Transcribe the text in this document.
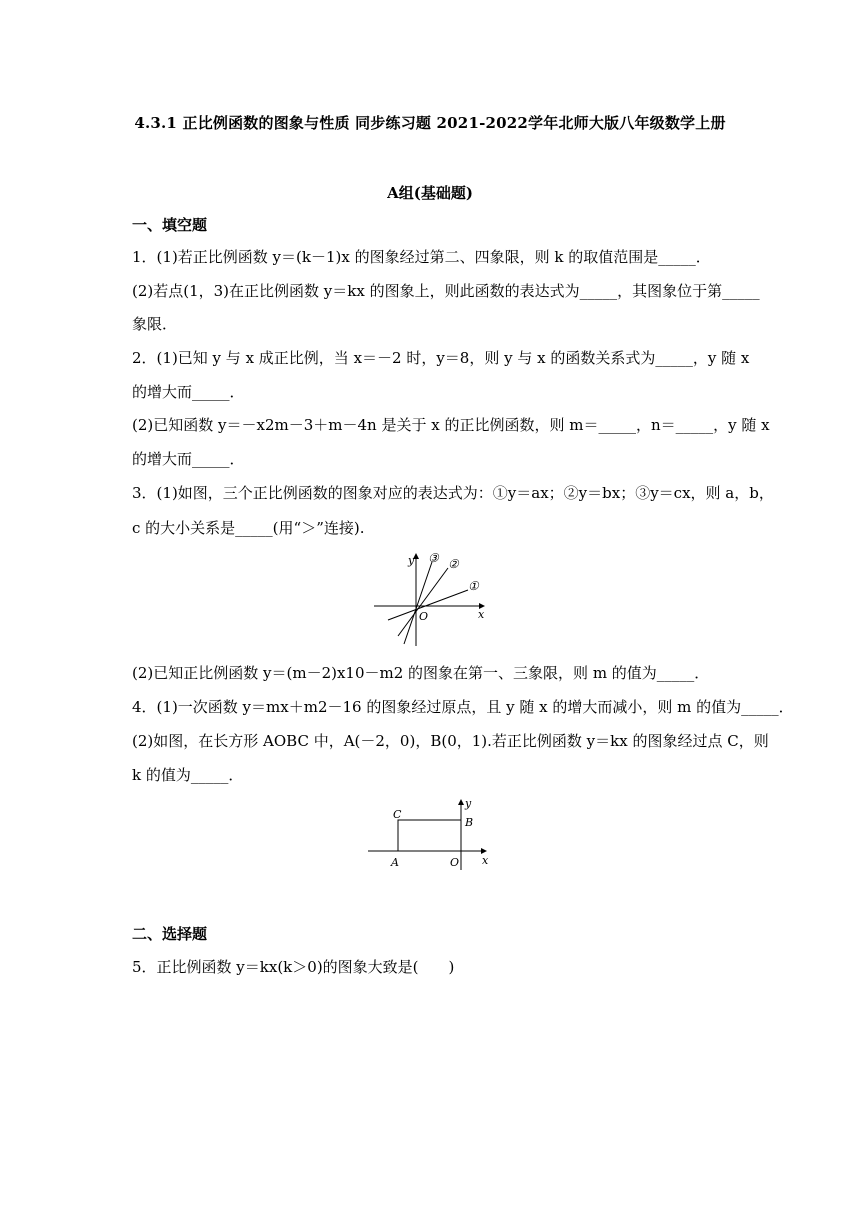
4.3.1 正比例函数的图象与性质 同步练习题 2021-2022学年北师大版八年级数学上册
A组(基础题)
一、填空题
1．(1)若正比例函数 y＝(k－1)x 的图象经过第二、四象限，则 k 的取值范围是_____．
(2)若点(1，3)在正比例函数 y＝kx 的图象上，则此函数的表达式为_____，其图象位于第_____
象限．
2．(1)已知 y 与 x 成正比例，当 x＝－2 时，y＝8，则 y 与 x 的函数关系式为_____，y 随 x
的增大而_____．
(2)已知函数 y＝－x2m－3＋m－4n 是关于 x 的正比例函数，则 m＝_____，n＝_____，y 随 x
的增大而_____．
3．(1)如图，三个正比例函数的图象对应的表达式为：①y＝ax；②y＝bx；③y＝cx，则 a，b，
c 的大小关系是_____(用“＞”连接).
y
x
O
①
②
③
(2)已知正比例函数 y＝(m－2)x10－m2 的图象在第一、三象限，则 m 的值为_____．
4．(1)一次函数 y＝mx＋m2－16 的图象经过原点，且 y 随 x 的增大而减小，则 m 的值为_____．
(2)如图，在长方形 AOBC 中，A(－2，0)，B(0，1).若正比例函数 y＝kx 的图象经过点 C，则
k 的值为_____．
A	O
B
C
y
x
二、选择题
5．正比例函数 y＝kx(k＞0)的图象大致是(　　)
